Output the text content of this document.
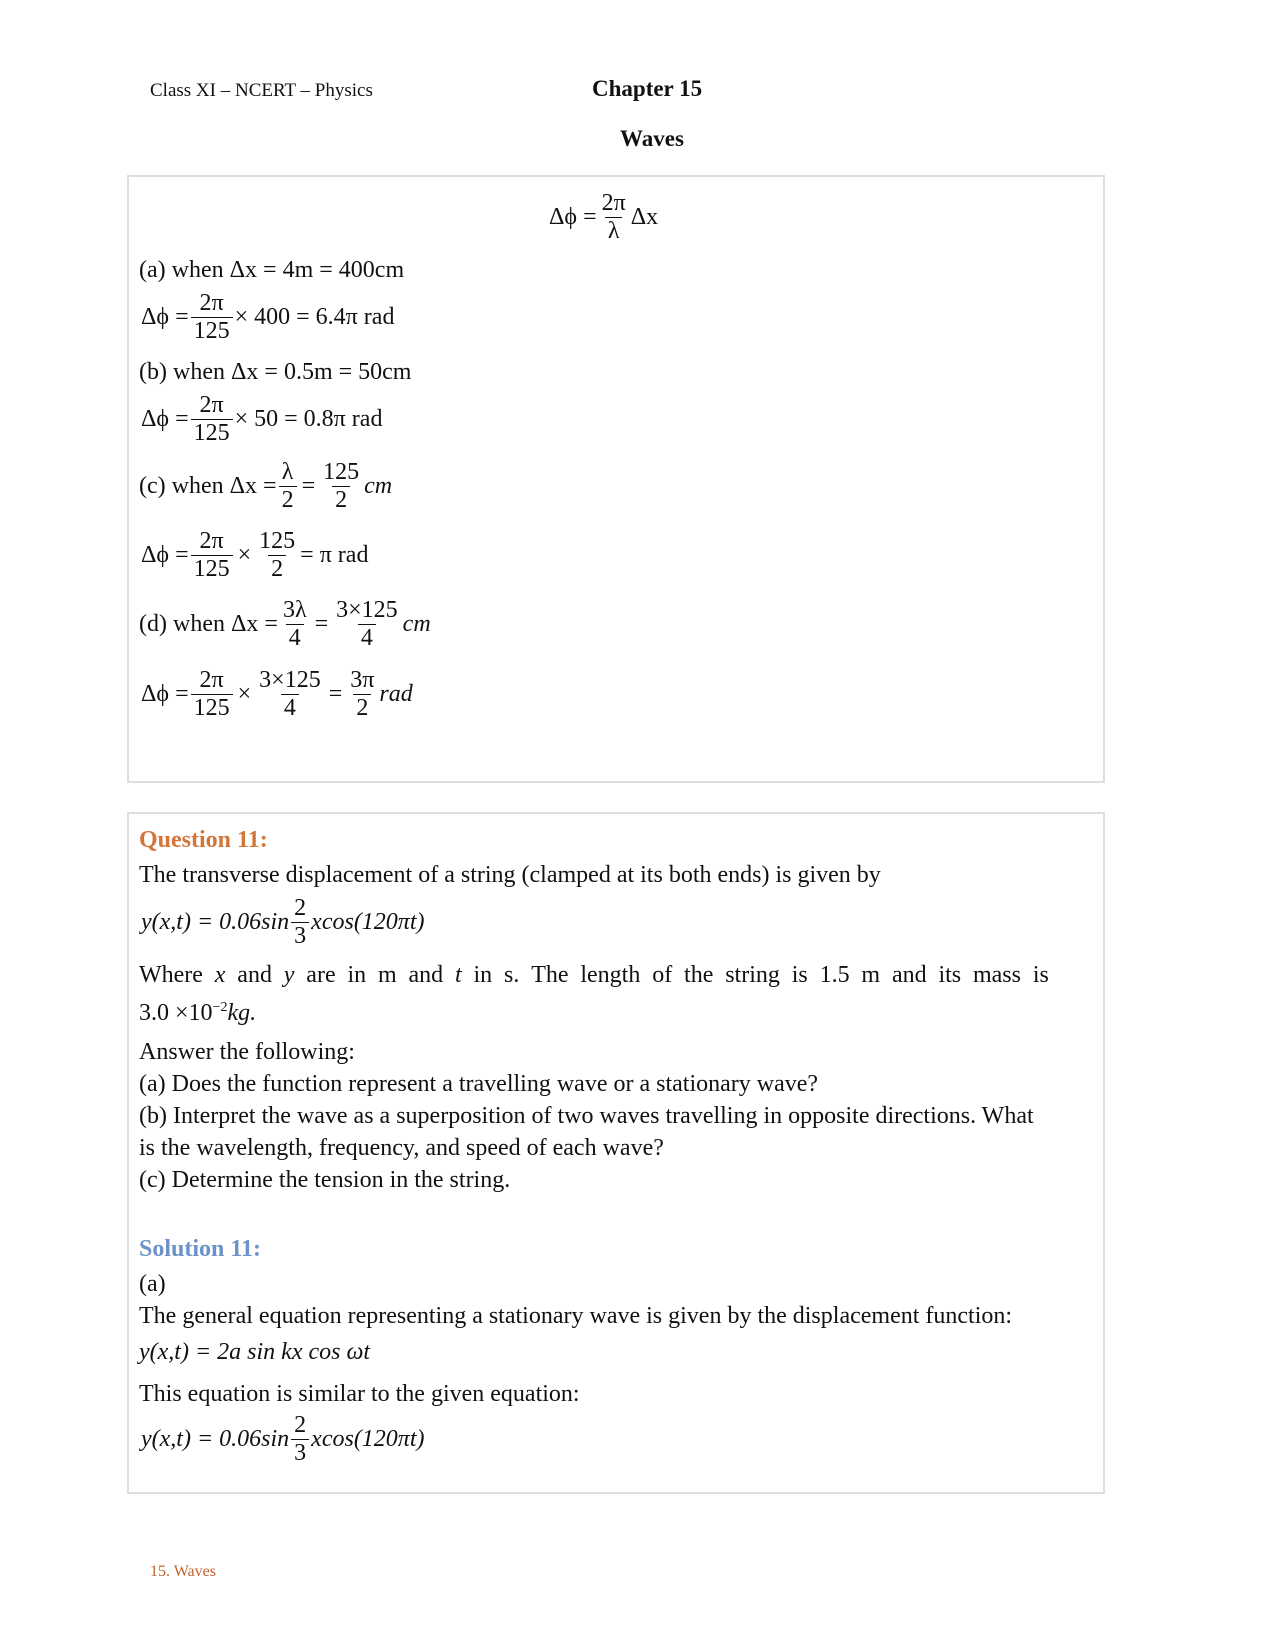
Class XI – NCERT – Physics	Chapter 15
Waves
$\Delta\phi = \frac{2\pi}{\lambda}$ Δx
(a) when Δx = 4m = 400cm
$\Delta\phi = \frac{2\pi}{125} \times 400 = 6.4\pi$ rad
(b) when Δx = 0.5m = 50cm
$\Delta\phi = \frac{2\pi}{125} \times 50 = 0.8\pi$ rad
(c) when $\Delta x = \frac{\lambda}{2} = \frac{125}{2}$ cm
$\Delta\phi = \frac{2\pi}{125} \times \frac{125}{2} = \pi$ rad
(d) when $\Delta x = \frac{3\lambda}{4} = \frac{3\times 125}{4}$ cm
$\Delta\phi = \frac{2\pi}{125} \times \frac{3\times 125}{4} = \frac{3\pi}{2}$ rad
Question 11:
The transverse displacement of a string (clamped at its both ends) is given by
$y(x,t) = 0.06\sin \frac{2}{3} xcos(120\pi t)$
Where x and y are in m and t in s. The length of the string is 1.5 m and its mass is
$3.0 \times 10^{-2}kg$.
Answer the following:
(a) Does the function represent a travelling wave or a stationary wave?
(b) Interpret the wave as a superposition of two waves travelling in opposite directions. What
is the wavelength, frequency, and speed of each wave?
(c) Determine the tension in the string.
Solution 11:
(a)
The general equation representing a stationary wave is given by the displacement function:
y(x,t) = 2a sin kx cos ωt
This equation is similar to the given equation:
$y(x,t) = 0.06\sin \frac{2}{3} xcos(120\pi t)$
15. Waves
